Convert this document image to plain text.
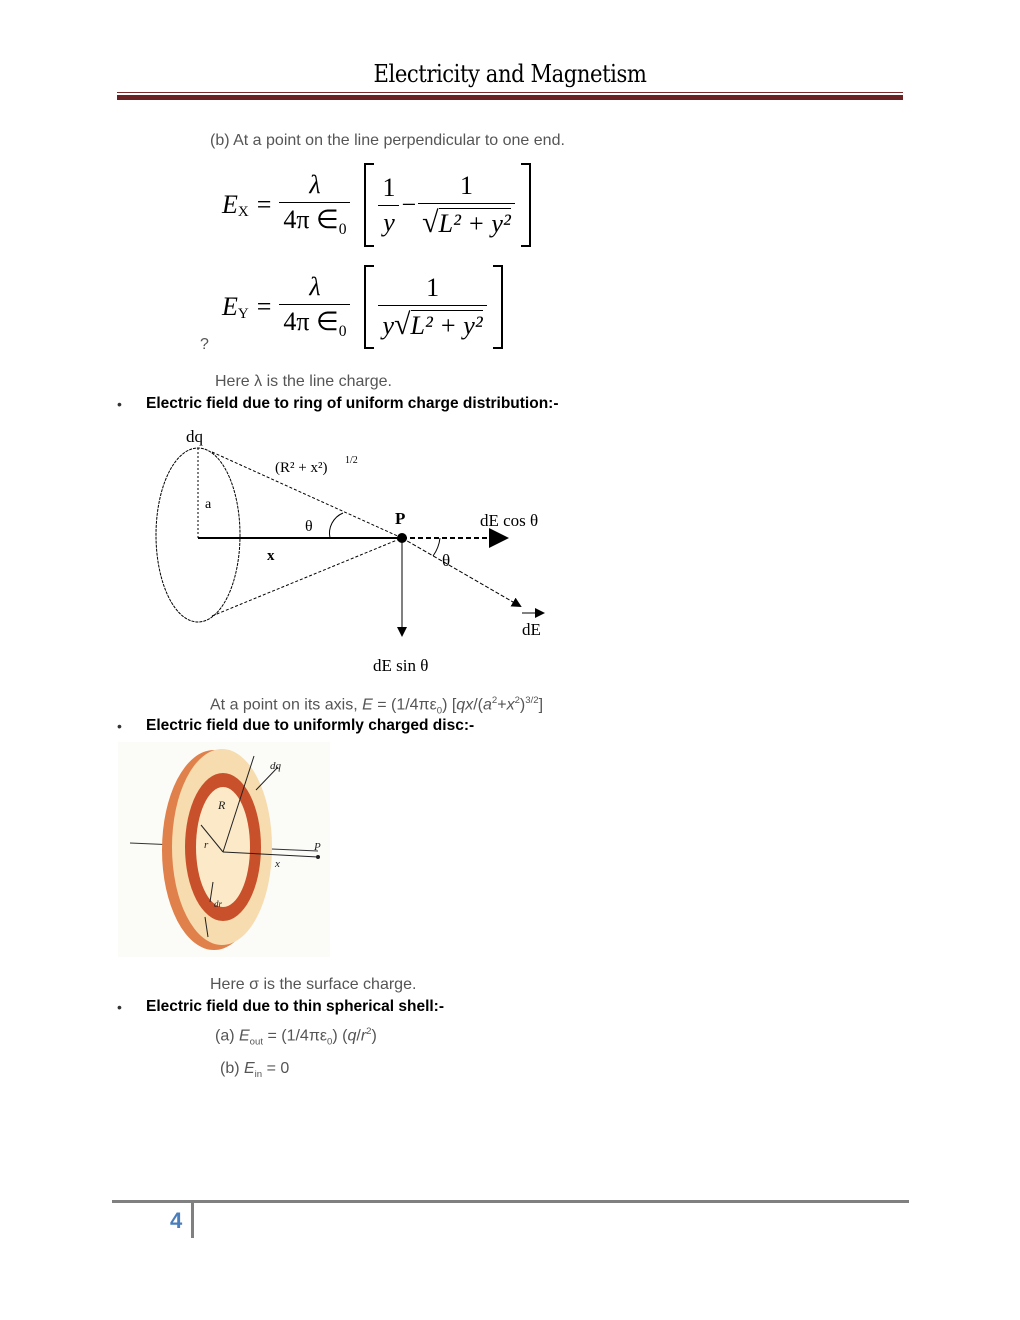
Electricity and Magnetism
(b) At a point on the line perpendicular to one end.
E $X = \frac{\lambda}{4\pi \in_0} \frac{1}{y} - \frac{1}{\text{√L² + y²}}$
E $Y = \frac{\lambda}{4\pi \in_0} \frac{1}{\text{y√L² + y²}}$
?
Here λ is the line charge.
• Electric field due to ring of uniform charge distribution:-
dq
(R² + x²) 1/2
a
θ
x
P	dE cos θ
θ
dE
dE sin θ
At a point on its axis, $E = (1/4\pi\varepsilon_0)$ $[qx/(a^2+x^2)^{3/2}]$
• Electric field due to uniformly charged disc:-
dq
R
r
dr
x
P
Here σ is the surface charge.
• Electric field due to thin spherical shell:-
(a) $E_{out} = (1/4\pi\varepsilon_0)$ $(q/r^2)$
(b) $E_{in} = 0$
4
